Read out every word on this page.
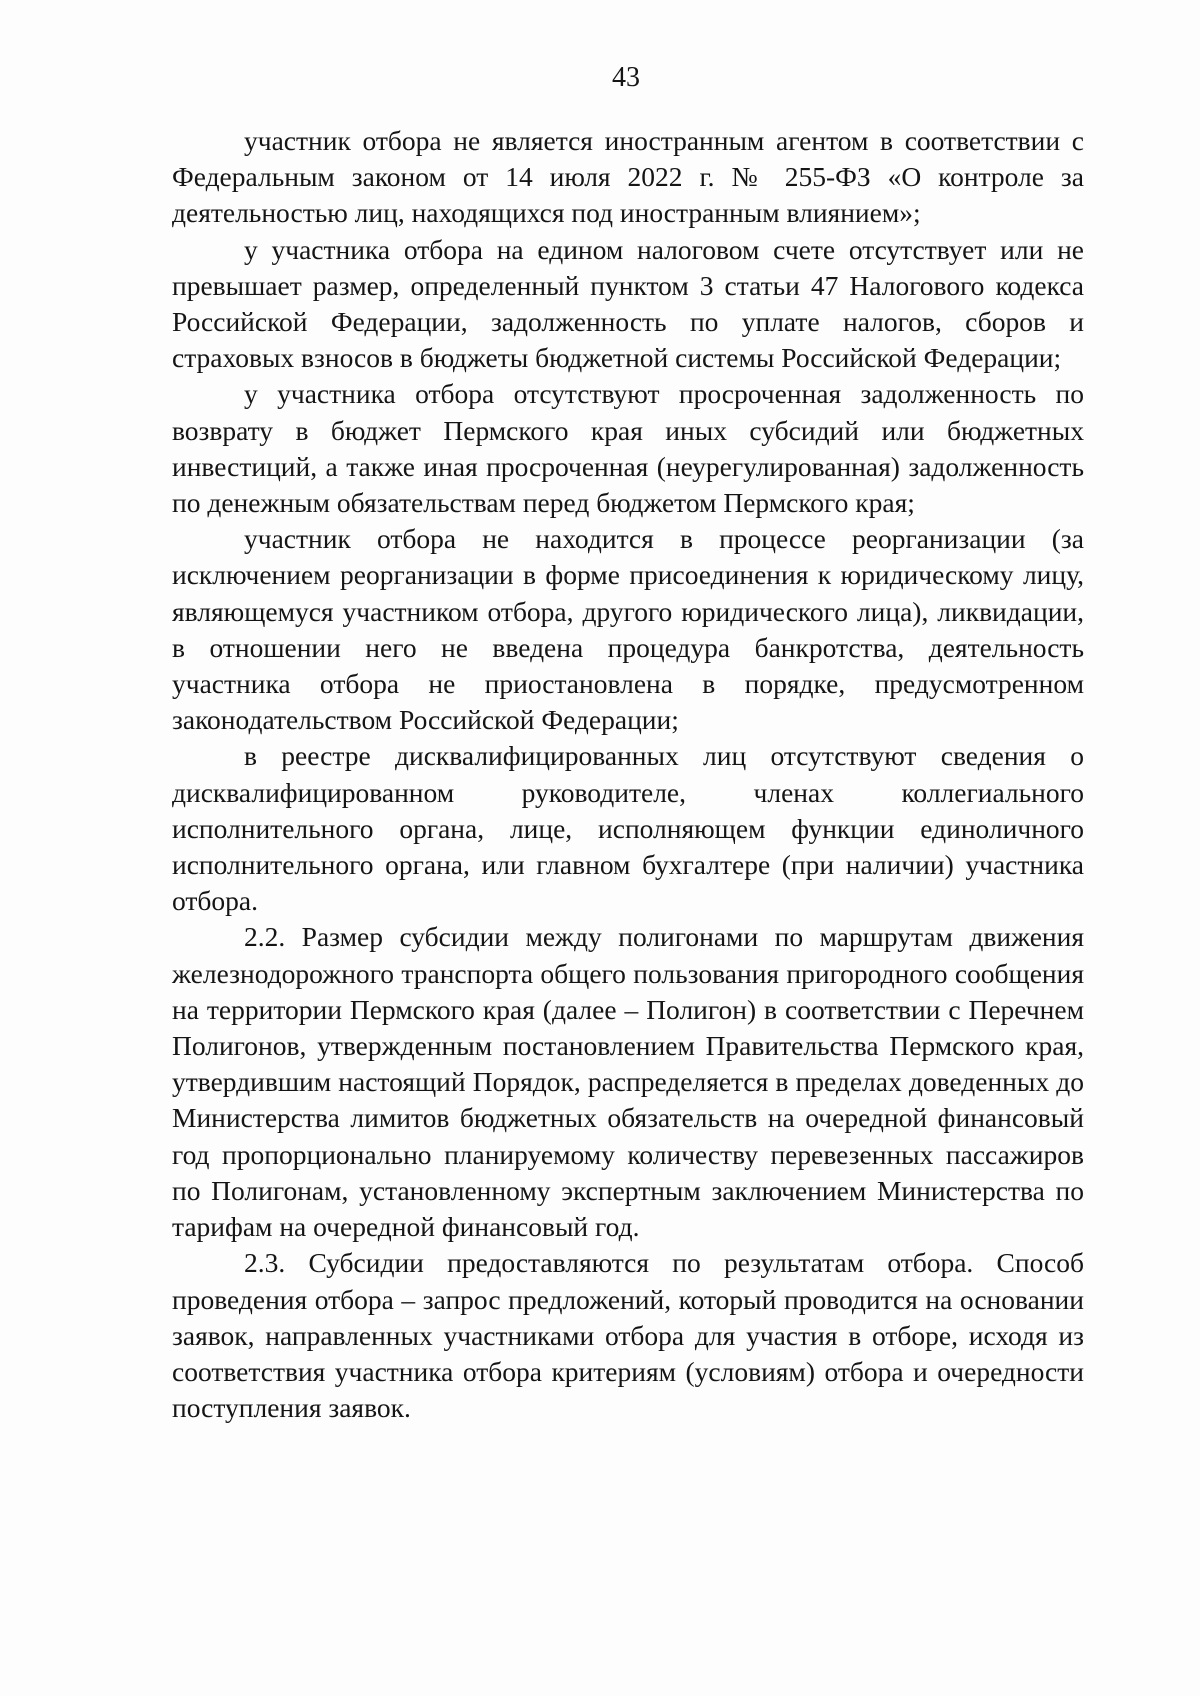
43

участник отбора не является иностранным агентом в соответствии с Федеральным законом от 14 июля 2022 г. № 255-ФЗ «О контроле за деятельностью лиц, находящихся под иностранным влиянием»;

у участника отбора на едином налоговом счете отсутствует или не превышает размер, определенный пунктом 3 статьи 47 Налогового кодекса Российской Федерации, задолженность по уплате налогов, сборов и страховых взносов в бюджеты бюджетной системы Российской Федерации;

у участника отбора отсутствуют просроченная задолженность по возврату в бюджет Пермского края иных субсидий или бюджетных инвестиций, а также иная просроченная (неурегулированная) задолженность по денежным обязательствам перед бюджетом Пермского края;

участник отбора не находится в процессе реорганизации (за исключением реорганизации в форме присоединения к юридическому лицу, являющемуся участником отбора, другого юридического лица), ликвидации, в отношении него не введена процедура банкротства, деятельность участника отбора не приостановлена в порядке, предусмотренном законодательством Российской Федерации;

в реестре дисквалифицированных лиц отсутствуют сведения о дисквалифицированном руководителе, членах коллегиального исполнительного органа, лице, исполняющем функции единоличного исполнительного органа, или главном бухгалтере (при наличии) участника отбора.

2.2. Размер субсидии между полигонами по маршрутам движения железнодорожного транспорта общего пользования пригородного сообщения на территории Пермского края (далее – Полигон) в соответствии с Перечнем Полигонов, утвержденным постановлением Правительства Пермского края, утвердившим настоящий Порядок, распределяется в пределах доведенных до Министерства лимитов бюджетных обязательств на очередной финансовый год пропорционально планируемому количеству перевезенных пассажиров по Полигонам, установленному экспертным заключением Министерства по тарифам на очередной финансовый год.

2.3. Субсидии предоставляются по результатам отбора. Способ проведения отбора – запрос предложений, который проводится на основании заявок, направленных участниками отбора для участия в отборе, исходя из соответствия участника отбора критериям (условиям) отбора и очередности поступления заявок.
